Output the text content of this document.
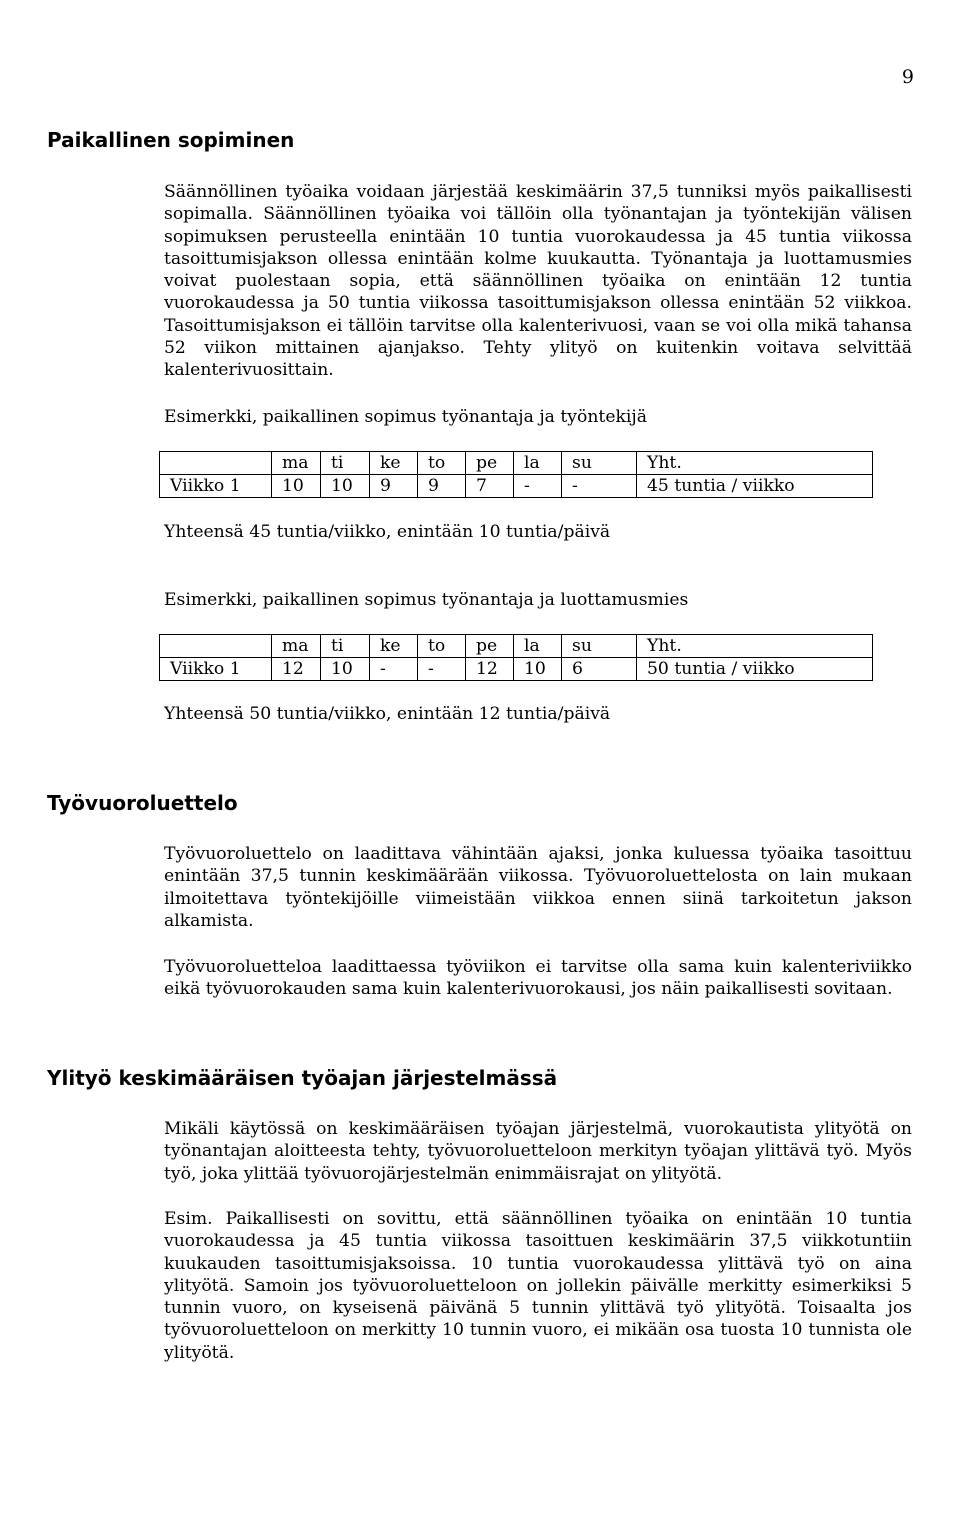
9
Paikallinen sopiminen

Säännöllinen työaika voidaan järjestää keskimäärin 37,5 tunniksi myös paikallisesti sopimalla. Säännöllinen työaika voi tällöin olla työnantajan ja työntekijän välisen sopimuksen perusteella enintään 10 tuntia vuorokaudessa ja 45 tuntia viikossa tasoittumisjakson ollessa enintään kolme kuukautta. Työnantaja ja luottamusmies voivat puolestaan sopia, että säännöllinen työaika on enintään 12 tuntia vuorokaudessa ja 50 tuntia viikossa tasoittumisjakson ollessa enintään 52 viikkoa. Tasoittumisjakson ei tällöin tarvitse olla kalenterivuosi, vaan se voi olla mikä tahansa 52 viikon mittainen ajanjakso. Tehty ylityö on kuitenkin voitava selvittää kalenterivuosittain.

Esimerkki, paikallinen sopimus työnantaja ja työntekijä

	ma	ti	ke	to	pe	la	su	Yht.
Viikko 1	10	10	9	9	7	-	-	45 tuntia / viikko

Yhteensä 45 tuntia/viikko, enintään 10 tuntia/päivä

Esimerkki, paikallinen sopimus työnantaja ja luottamusmies

	ma	ti	ke	to	pe	la	su	Yht.
Viikko 1	12	10	-	-	12	10	6	50 tuntia / viikko

Yhteensä 50 tuntia/viikko, enintään 12 tuntia/päivä

Työvuoroluettelo

Työvuoroluettelo on laadittava vähintään ajaksi, jonka kuluessa työaika tasoittuu enintään 37,5 tunnin keskimäärään viikossa. Työvuoroluettelosta on lain mukaan ilmoitettava työntekijöille viimeistään viikkoa ennen siinä tarkoitetun jakson alkamista.

Työvuoroluetteloa laadittaessa työviikon ei tarvitse olla sama kuin kalenteriviikko eikä työvuorokauden sama kuin kalenterivuorokausi, jos näin paikallisesti sovitaan.

Ylityö keskimääräisen työajan järjestelmässä

Mikäli käytössä on keskimääräisen työajan järjestelmä, vuorokautista ylityötä on työnantajan aloitteesta tehty, työvuoroluetteloon merkityn työajan ylittävä työ. Myös työ, joka ylittää työvuorojärjestelmän enimmäisrajat on ylityötä.

Esim. Paikallisesti on sovittu, että säännöllinen työaika on enintään 10 tuntia vuorokaudessa ja 45 tuntia viikossa tasoittuen keskimäärin 37,5 viikkotuntiin kuukauden tasoittumisjaksoissa. 10 tuntia vuorokaudessa ylittävä työ on aina ylityötä. Samoin jos työvuoroluetteloon on jollekin päivälle merkitty esimerkiksi 5 tunnin vuoro, on kyseisenä päivänä 5 tunnin ylittävä työ ylityötä. Toisaalta jos työvuoroluetteloon on merkitty 10 tunnin vuoro, ei mikään osa tuosta 10 tunnista ole ylityötä.
